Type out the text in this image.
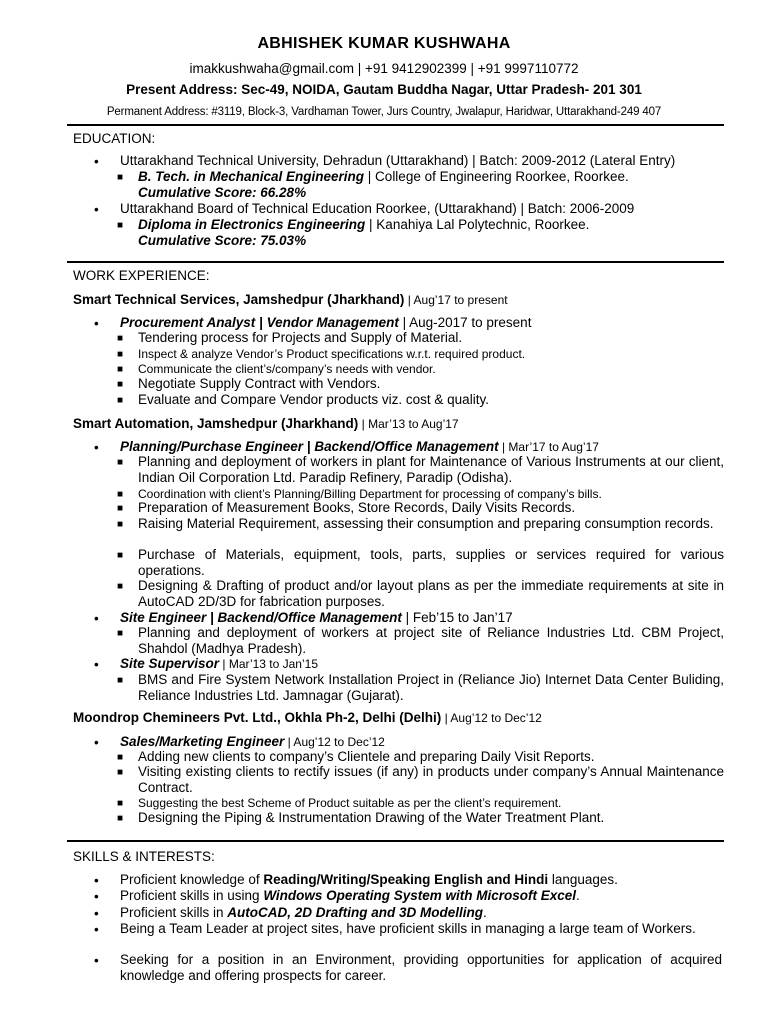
ABHISHEK KUMAR KUSHWAHA
imakkushwaha@gmail.com | +91 9412902399 | +91 9997110772
Present Address: Sec-49, NOIDA, Gautam Buddha Nagar, Uttar Pradesh- 201 301
Permanent Address: #3119, Block-3, Vardhaman Tower, Jurs Country, Jwalapur, Haridwar, Uttarakhand-249 407
EDUCATION:
• Uttarakhand Technical University, Dehradun (Uttarakhand) | Batch: 2009-2012 (Lateral Entry)
■ B. Tech. in Mechanical Engineering | College of Engineering Roorkee, Roorkee.
Cumulative Score: 66.28%
• Uttarakhand Board of Technical Education Roorkee, (Uttarakhand) | Batch: 2006-2009
■ Diploma in Electronics Engineering | Kanahiya Lal Polytechnic, Roorkee.
Cumulative Score: 75.03%
WORK EXPERIENCE:
Smart Technical Services, Jamshedpur (Jharkhand) | Aug’17 to present
• Procurement Analyst | Vendor Management | Aug-2017 to present
■ Tendering process for Projects and Supply of Material.
■ Inspect & analyze Vendor’s Product specifications w.r.t. required product.
■ Communicate the client’s/company’s needs with vendor.
■ Negotiate Supply Contract with Vendors.
■ Evaluate and Compare Vendor products viz. cost & quality.
Smart Automation, Jamshedpur (Jharkhand) | Mar’13 to Aug’17
• Planning/Purchase Engineer | Backend/Office Management | Mar’17 to Aug’17
■ Planning and deployment of workers in plant for Maintenance of Various Instruments at our client, Indian Oil Corporation Ltd. Paradip Refinery, Paradip (Odisha).
■ Coordination with client’s Planning/Billing Department for processing of company’s bills.
■ Preparation of Measurement Books, Store Records, Daily Visits Records.
■ Raising Material Requirement, assessing their consumption and preparing consumption records.
■ Purchase of Materials, equipment, tools, parts, supplies or services required for various operations.
■ Designing & Drafting of product and/or layout plans as per the immediate requirements at site in AutoCAD 2D/3D for fabrication purposes.
• Site Engineer | Backend/Office Management | Feb’15 to Jan’17
■ Planning and deployment of workers at project site of Reliance Industries Ltd. CBM Project, Shahdol (Madhya Pradesh).
• Site Supervisor | Mar’13 to Jan’15
■ BMS and Fire System Network Installation Project in (Reliance Jio) Internet Data Center Buliding, Reliance Industries Ltd. Jamnagar (Gujarat).
Moondrop Chemineers Pvt. Ltd., Okhla Ph-2, Delhi (Delhi) | Aug’12 to Dec’12
• Sales/Marketing Engineer | Aug’12 to Dec’12
■ Adding new clients to company’s Clientele and preparing Daily Visit Reports.
■ Visiting existing clients to rectify issues (if any) in products under company’s Annual Maintenance Contract.
■ Suggesting the best Scheme of Product suitable as per the client’s requirement.
■ Designing the Piping & Instrumentation Drawing of the Water Treatment Plant.
SKILLS & INTERESTS:
• Proficient knowledge of Reading/Writing/Speaking English and Hindi languages.
• Proficient skills in using Windows Operating System with Microsoft Excel.
• Proficient skills in AutoCAD, 2D Drafting and 3D Modelling.
• Being a Team Leader at project sites, have proficient skills in managing a large team of Workers.
• Seeking for a position in an Environment, providing opportunities for application of acquired knowledge and offering prospects for career.
